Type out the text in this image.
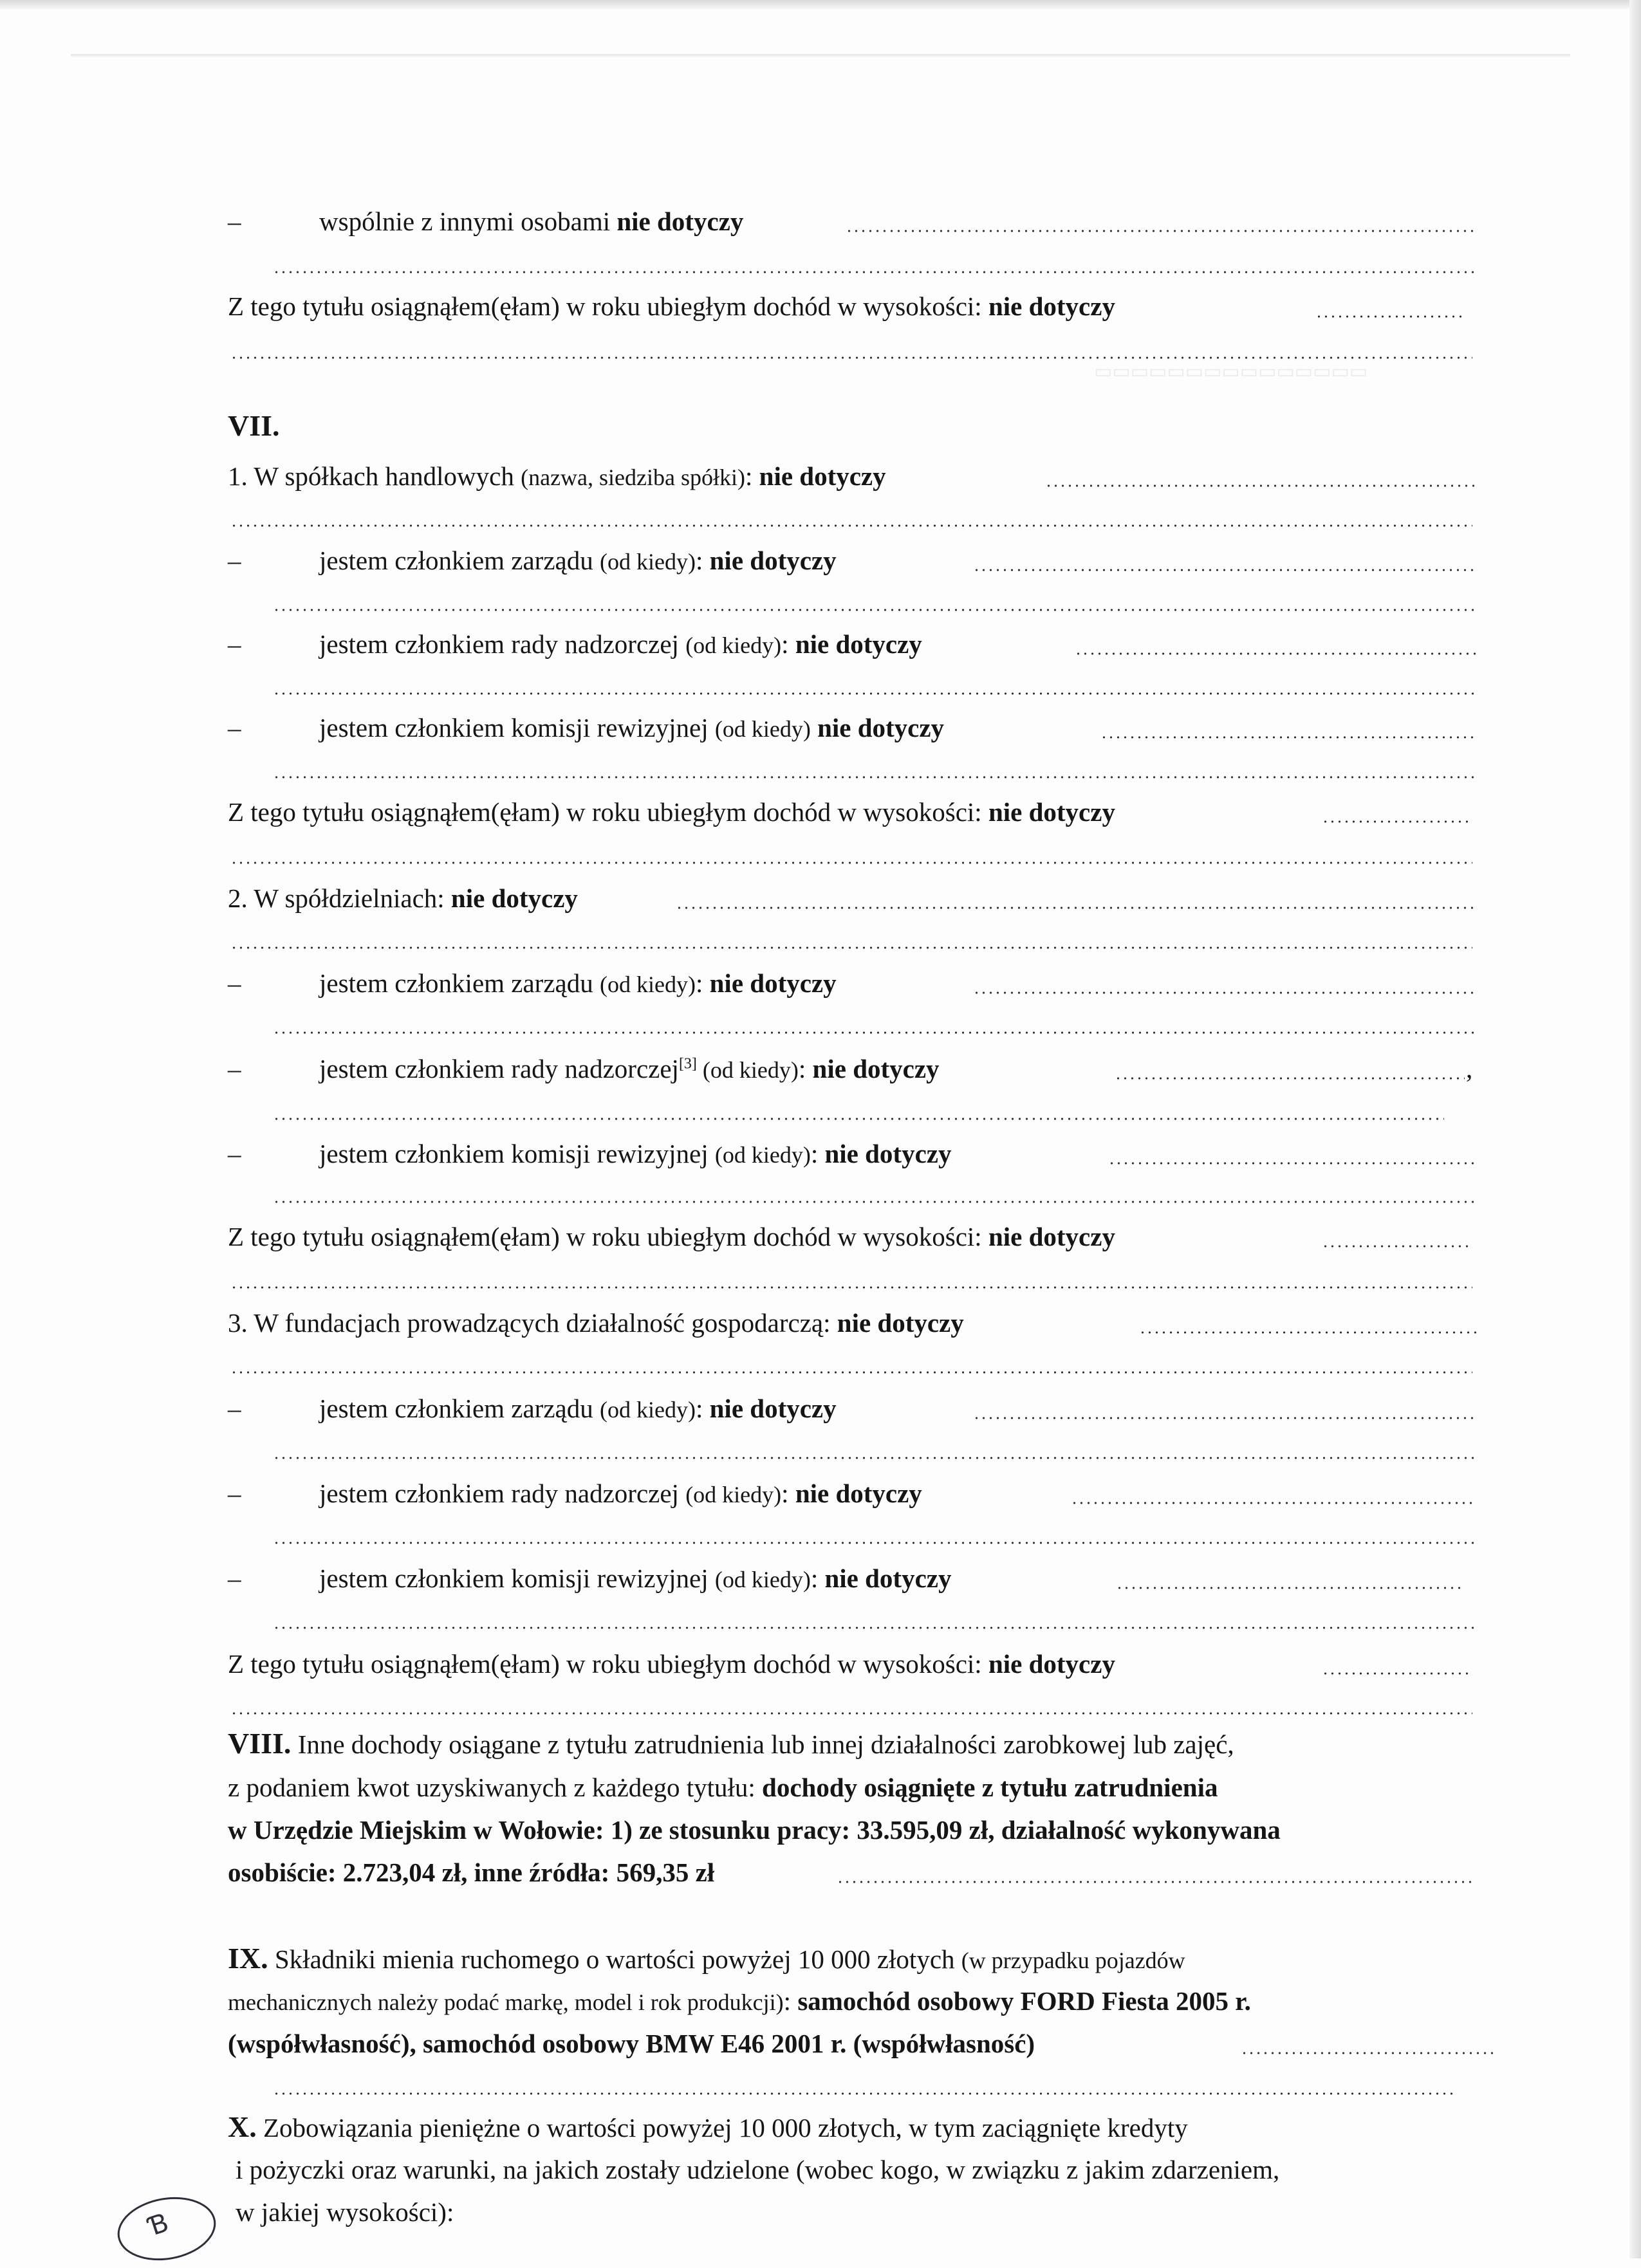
▭▭▭▭▭▭▭▭▭▭▭▭▭▭▭
–	wspólnie z innymi osobami nie dotyczy
Z tego tytułu osiągnąłem(ęłam) w roku ubiegłym dochód w wysokości: nie dotyczy
VII.
1. W spółkach handlowych (nazwa, siedziba spółki): nie dotyczy
–	jestem członkiem zarządu (od kiedy): nie dotyczy
–	jestem członkiem rady nadzorczej (od kiedy): nie dotyczy
–	jestem członkiem komisji rewizyjnej (od kiedy) nie dotyczy
Z tego tytułu osiągnąłem(ęłam) w roku ubiegłym dochód w wysokości: nie dotyczy
2. W spółdzielniach: nie dotyczy
–	jestem członkiem zarządu (od kiedy): nie dotyczy
–	jestem członkiem rady nadzorczej[3] (od kiedy): nie dotyczy	,
–	jestem członkiem komisji rewizyjnej (od kiedy): nie dotyczy
Z tego tytułu osiągnąłem(ęłam) w roku ubiegłym dochód w wysokości: nie dotyczy
3. W fundacjach prowadzących działalność gospodarczą: nie dotyczy
–	jestem członkiem zarządu (od kiedy): nie dotyczy
–	jestem członkiem rady nadzorczej (od kiedy): nie dotyczy
–	jestem członkiem komisji rewizyjnej (od kiedy): nie dotyczy
Z tego tytułu osiągnąłem(ęłam) w roku ubiegłym dochód w wysokości: nie dotyczy
VIII. Inne dochody osiągane z tytułu zatrudnienia lub innej działalności zarobkowej lub zajęć,
z podaniem kwot uzyskiwanych z każdego tytułu: dochody osiągnięte z tytułu zatrudnienia
w Urzędzie Miejskim w Wołowie: 1) ze stosunku pracy: 33.595,09 zł, działalność wykonywana
osobiście: 2.723,04 zł, inne źródła: 569,35 zł
IX. Składniki mienia ruchomego o wartości powyżej 10 000 złotych (w przypadku pojazdów
mechanicznych należy podać markę, model i rok produkcji): samochód osobowy FORD Fiesta 2005 r.
(współwłasność), samochód osobowy BMW E46 2001 r. (współwłasność)
X. Zobowiązania pieniężne o wartości powyżej 10 000 złotych, w tym zaciągnięte kredyty
i pożyczki oraz warunki, na jakich zostały udzielone (wobec kogo, w związku z jakim zdarzeniem,
w jakiej wysokości):
Ɓ
